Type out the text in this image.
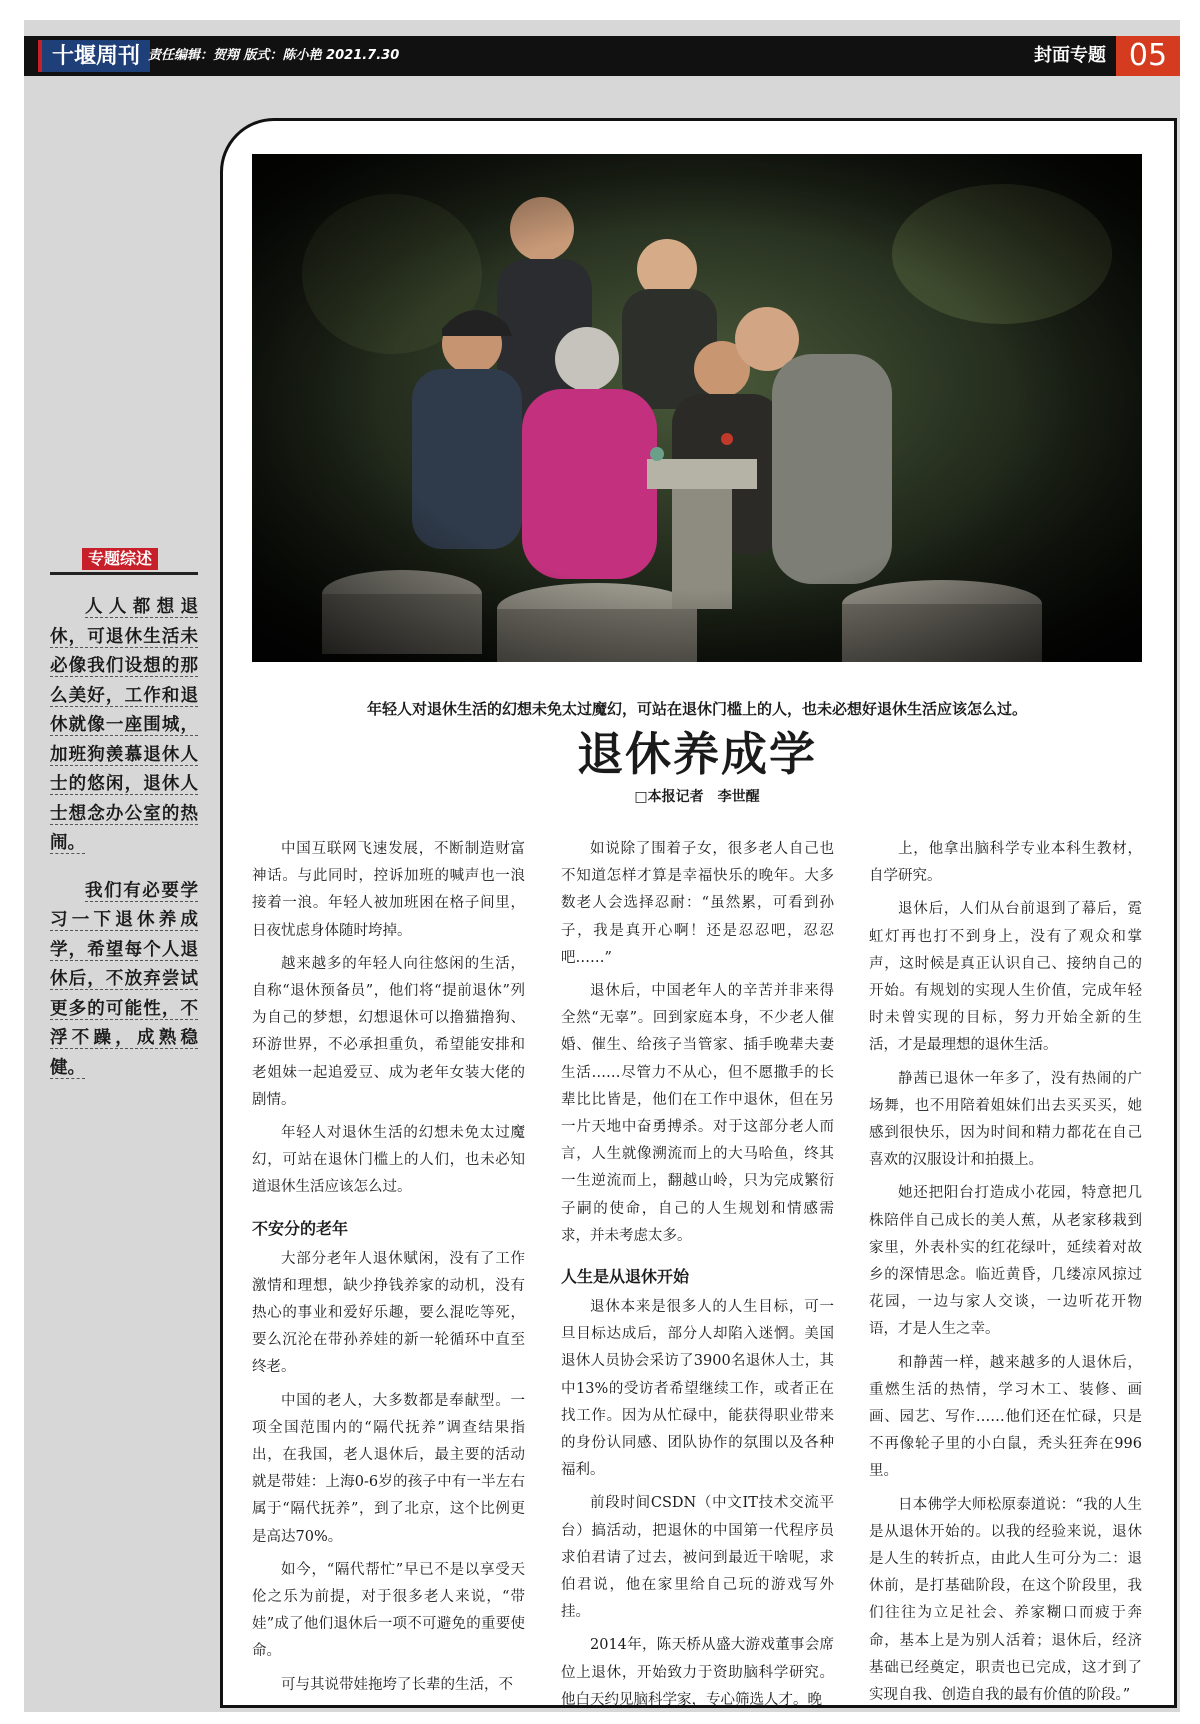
十堰周刊 责任编辑：贺翔 版式：陈小艳 2021.7.30	封面专题 05
专题综述

人人都想退休，可退休生活未必像我们设想的那么美好，工作和退休就像一座围城，加班狗羡慕退休人士的悠闲，退休人士想念办公室的热闹。

我们有必要学习一下退休养成学，希望每个人退休后，不放弃尝试更多的可能性，不浮不躁，成熟稳健。

年轻人对退休生活的幻想未免太过魔幻，可站在退休门槛上的人，也未必想好退休生活应该怎么过。
退休养成学
□本报记者　李世醒

中国互联网飞速发展，不断制造财富神话。与此同时，控诉加班的喊声也一浪接着一浪。年轻人被加班困在格子间里，日夜忧虑身体随时垮掉。

越来越多的年轻人向往悠闲的生活，自称“退休预备员”，他们将“提前退休”列为自己的梦想，幻想退休可以撸猫撸狗、环游世界，不必承担重负，希望能安排和老姐妹一起追爱豆、成为老年女装大佬的剧情。

年轻人对退休生活的幻想未免太过魔幻，可站在退休门槛上的人们，也未必知道退休生活应该怎么过。

不安分的老年

大部分老年人退休赋闲，没有了工作激情和理想，缺少挣钱养家的动机，没有热心的事业和爱好乐趣，要么混吃等死，要么沉沦在带孙养娃的新一轮循环中直至终老。

中国的老人，大多数都是奉献型。一项全国范围内的“隔代抚养”调查结果指出，在我国，老人退休后，最主要的活动就是带娃：上海0-6岁的孩子中有一半左右属于“隔代抚养”，到了北京，这个比例更是高达70%。

如今，“隔代帮忙”早已不是以享受天伦之乐为前提，对于很多老人来说，“带娃”成了他们退休后一项不可避免的重要使命。

可与其说带娃拖垮了长辈的生活，不

如说除了围着子女，很多老人自己也不知道怎样才算是幸福快乐的晚年。大多数老人会选择忍耐：“虽然累，可看到孙子，我是真开心啊！还是忍忍吧，忍忍吧……”

退休后，中国老年人的辛苦并非来得全然“无辜”。回到家庭本身，不少老人催婚、催生、给孩子当管家、插手晚辈夫妻生活……尽管力不从心，但不愿撒手的长辈比比皆是，他们在工作中退休，但在另一片天地中奋勇搏杀。对于这部分老人而言，人生就像溯流而上的大马哈鱼，终其一生逆流而上，翻越山岭，只为完成繁衍子嗣的使命，自己的人生规划和情感需求，并未考虑太多。

人生是从退休开始

退休本来是很多人的人生目标，可一旦目标达成后，部分人却陷入迷惘。美国退休人员协会采访了3900名退休人士，其中13%的受访者希望继续工作，或者正在找工作。因为从忙碌中，能获得职业带来的身份认同感、团队协作的氛围以及各种福利。

前段时间CSDN（中文IT技术交流平台）搞活动，把退休的中国第一代程序员求伯君请了过去，被问到最近干啥呢，求伯君说，他在家里给自己玩的游戏写外挂。

2014年，陈天桥从盛大游戏董事会席位上退休，开始致力于资助脑科学研究。他白天约见脑科学家，专心筛选人才。晚

上，他拿出脑科学专业本科生教材，自学研究。

退休后，人们从台前退到了幕后，霓虹灯再也打不到身上，没有了观众和掌声，这时候是真正认识自己、接纳自己的开始。有规划的实现人生价值，完成年轻时未曾实现的目标，努力开始全新的生活，才是最理想的退休生活。

静茜已退休一年多了，没有热闹的广场舞，也不用陪着姐妹们出去买买买，她感到很快乐，因为时间和精力都花在自己喜欢的汉服设计和拍摄上。

她还把阳台打造成小花园，特意把几株陪伴自己成长的美人蕉，从老家移栽到家里，外表朴实的红花绿叶，延续着对故乡的深情思念。临近黄昏，几缕凉风掠过花园，一边与家人交谈，一边听花开物语，才是人生之幸。

和静茜一样，越来越多的人退休后，重燃生活的热情，学习木工、装修、画画、园艺、写作……他们还在忙碌，只是不再像轮子里的小白鼠，秃头狂奔在996里。

日本佛学大师松原泰道说：“我的人生是从退休开始的。以我的经验来说，退休是人生的转折点，由此人生可分为二：退休前，是打基础阶段，在这个阶段里，我们往往为立足社会、养家糊口而疲于奔命，基本上是为别人活着；退休后，经济基础已经奠定，职责也已完成，这才到了实现自我、创造自我的最有价值的阶段。”
